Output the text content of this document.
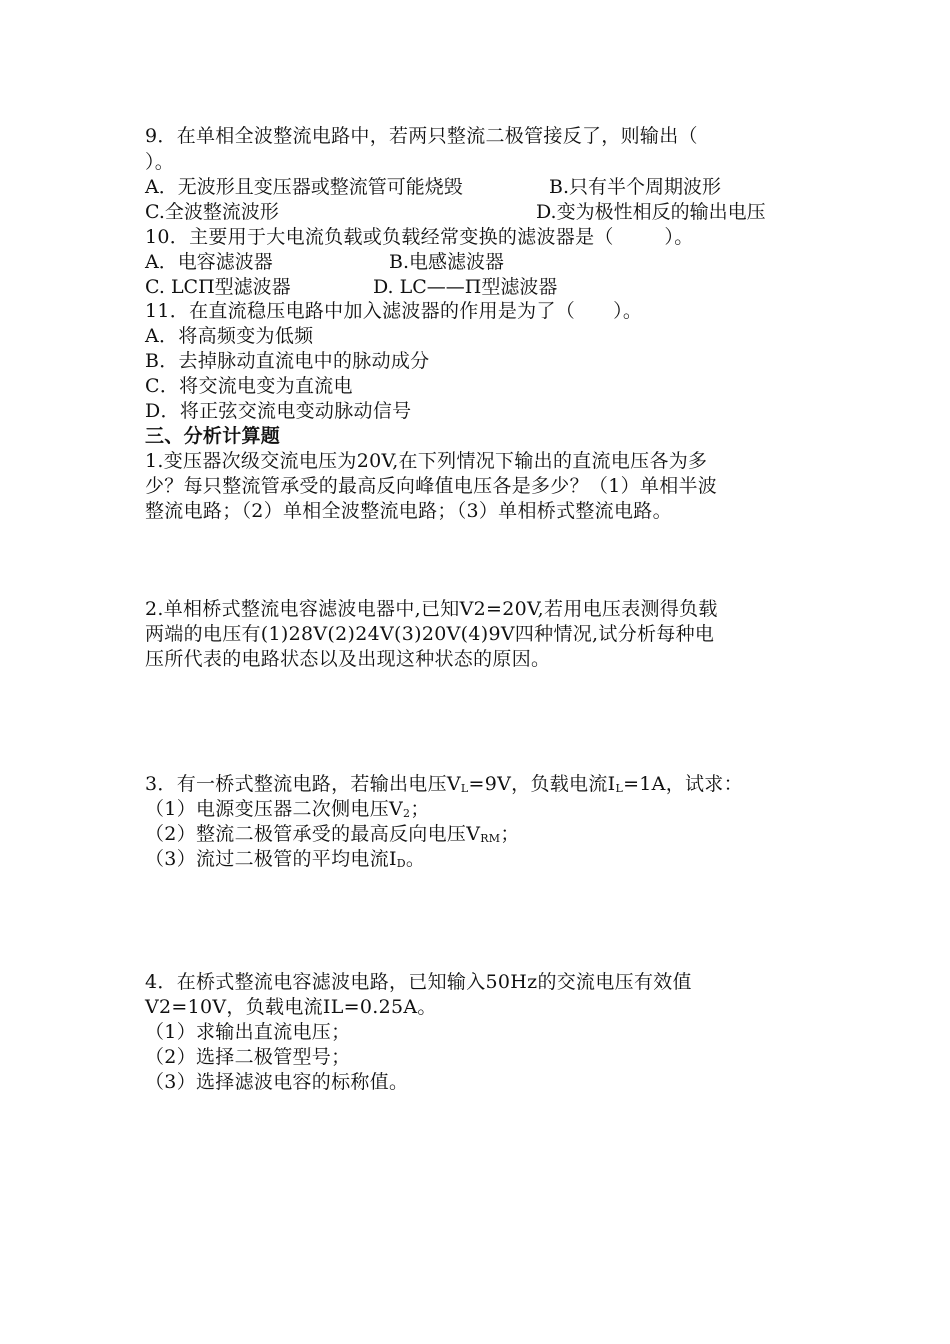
9．在单相全波整流电路中，若两只整流二极管接反了，则输出（
）。
A．无波形且变压器或整流管可能烧毁	B.只有半个周期波形
C.全波整流波形	D.变为极性相反的输出电压
10．主要用于大电流负载或负载经常变换的滤波器是（        ）。
A．电容滤波器	B.电感滤波器
C. LCΠ型滤波器	D. LC——Π型滤波器
11．在直流稳压电路中加入滤波器的作用是为了（      ）。
A．将高频变为低频
B．去掉脉动直流电中的脉动成分
C．将交流电变为直流电
D．将正弦交流电变动脉动信号
三、分析计算题
1.变压器次级交流电压为20V,在下列情况下输出的直流电压各为多
少？每只整流管承受的最高反向峰值电压各是多少？（1）单相半波
整流电路；（2）单相全波整流电路；（3）单相桥式整流电路。
2.单相桥式整流电容滤波电器中,已知V2=20V,若用电压表测得负载
两端的电压有(1)28V(2)24V(3)20V(4)9V四种情况,试分析每种电
压所代表的电路状态以及出现这种状态的原因。
3．有一桥式整流电路，若输出电压$V_L=9V$，负载电流$I_L=1A$，试求：
（1）电源变压器二次侧电压$V_2$；
（2）整流二极管承受的最高反向电压$V_{RM}$；
（3）流过二极管的平均电流$I_D$。
4．在桥式整流电容滤波电路，已知输入50Hz的交流电压有效值
V2=10V，负载电流IL=0.25A。
（1）求输出直流电压；
（2）选择二极管型号；
（3）选择滤波电容的标称值。
